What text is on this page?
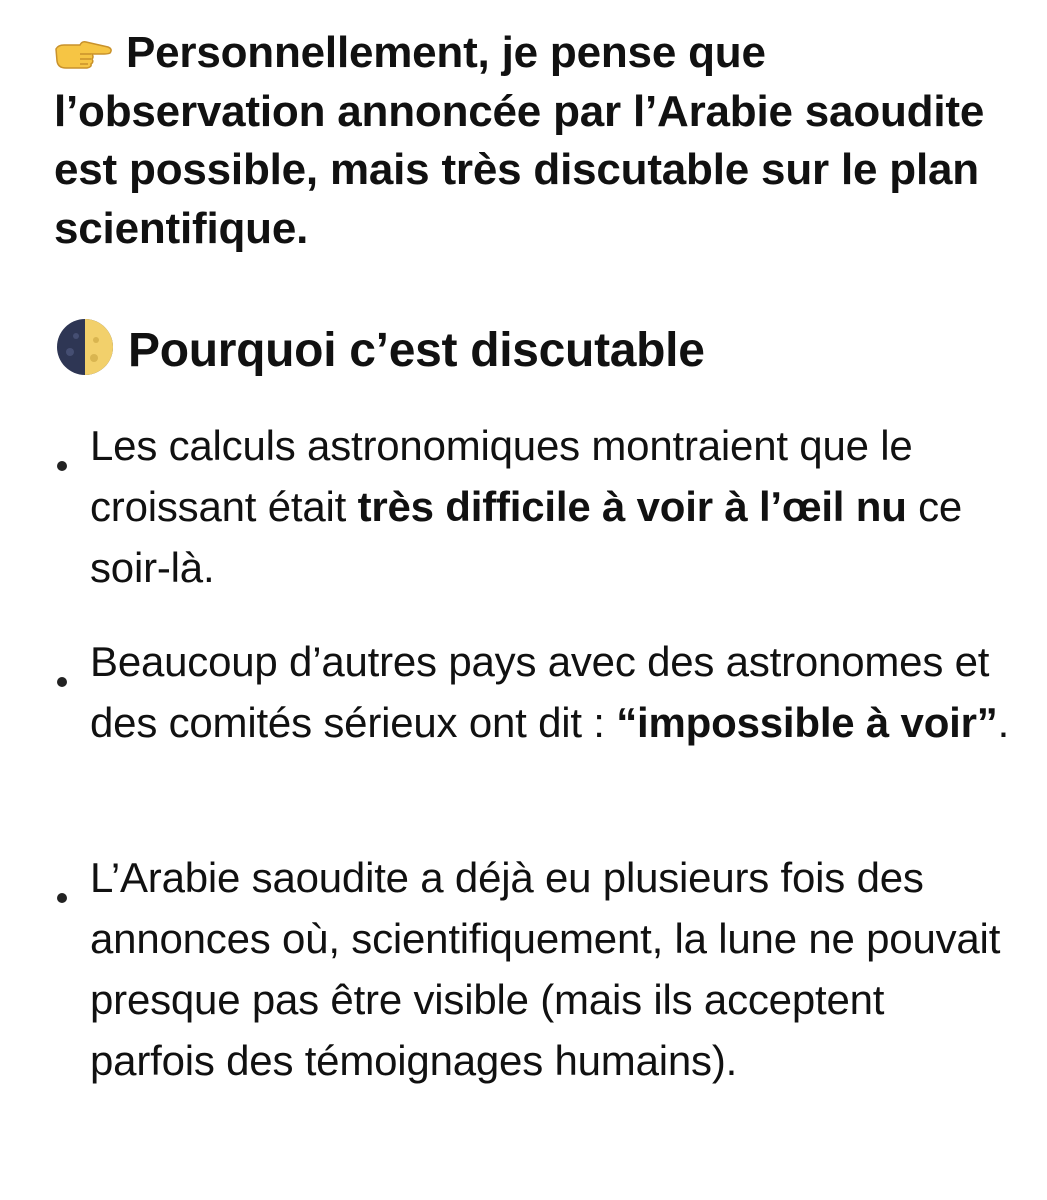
Personnellement, je pense que l’observation annoncée par l’Arabie saoudite est possible, mais très discutable sur le plan scientifique.
Pourquoi c’est discutable
Les calculs astronomiques montraient que le croissant était très difficile à voir à l’œil nu ce soir-là.
Beaucoup d’autres pays avec des astronomes et des comités sérieux ont dit : “impossible à voir”.
L’Arabie saoudite a déjà eu plusieurs fois des annonces où, scientifiquement, la lune ne pouvait presque pas être visible (mais ils acceptent parfois des témoignages humains).
